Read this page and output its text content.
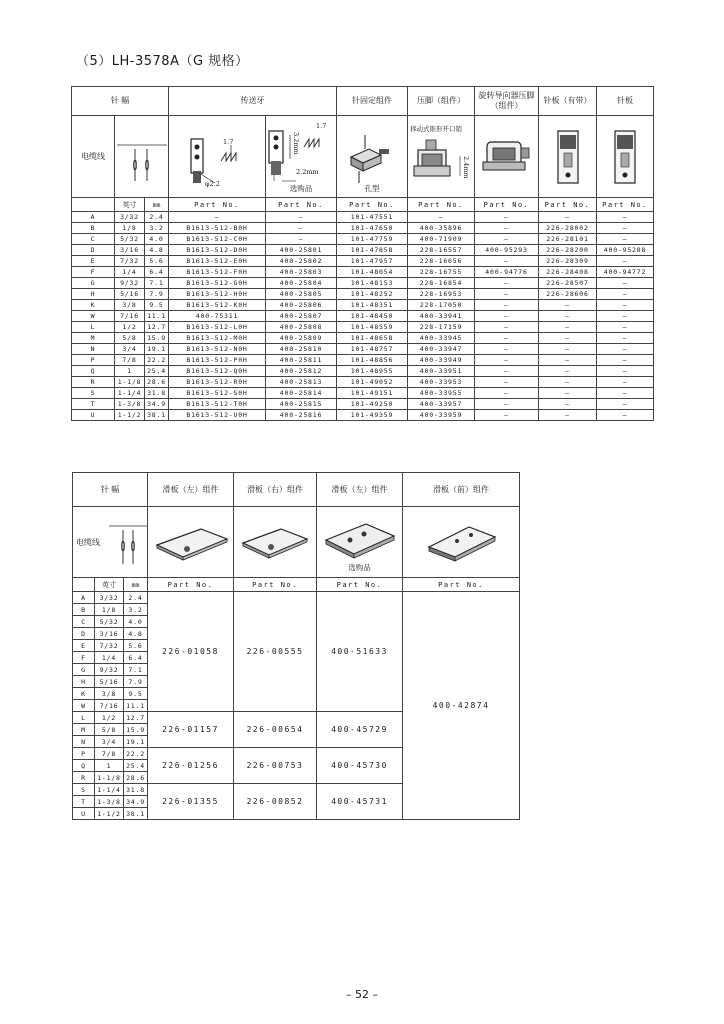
（5）LH-3578A（G 规格）
针 幅			传送牙		针固定组件	压脚（组件）	旋转导向器压脚（组件）	针板（有带）	针板
电缆线			1.7
φ2.2	3.2mm
1.7
2.2mm
选购品	孔型	移动式锥形开口销
2.4mm

	英寸	mm	Part No.	Part No.	Part No.	Part No.	Part No.	Part No.	Part No.
A	3/32	2.4	—	—	101-47551	—	—	—	—
B	1/8	3.2	B1613-512-B0H	—	101-47650	400-35896	—	226-28002	—
C	5/32	4.0	B1613-512-C0H	—	101-47759	400-71909	—	226-28101	—
D	3/16	4.8	B1613-512-D0H	400-25801	101-47858	228-16557	400-95293	226-28200	400-95288
E	7/32	5.6	B1613-512-E0H	400-25802	101-47957	228-16656	—	226-28309	—
F	1/4	6.4	B1613-512-F0H	400-25803	101-48054	228-16755	400-94776	226-28408	400-94772
G	9/32	7.1	B1613-512-G0H	400-25804	101-48153	228-16854	—	226-28507	—
H	5/16	7.9	B1613-512-H0H	400-25805	101-48252	228-16953	—	226-28606	—
K	3/8	9.5	B1613-512-K0H	400-25806	101-48351	228-17050	—	—	—
W	7/16	11.1	400-75311	400-25807	101-48450	400-33941	—	—	—
L	1/2	12.7	B1613-512-L0H	400-25808	101-48559	228-17159	—	—	—
M	5/8	15.9	B1613-512-M0H	400-25809	101-48658	400-33945	—	—	—
N	3/4	19.1	B1613-512-N0H	400-25810	101-48757	400-33947	—	—	—
P	7/8	22.2	B1613-512-P0H	400-25811	101-48856	400-33949	—	—	—
Q	1	25.4	B1613-512-Q0H	400-25812	101-48955	400-33951	—	—	—
R	1-1/8	28.6	B1613-512-R0H	400-25813	101-49052	400-33953	—	—	—
S	1-1/4	31.8	B1613-512-S0H	400-25814	101-49151	400-33955	—	—	—
T	1-3/8	34.9	B1613-512-T0H	400-25815	101-49250	400-33957	—	—	—
U	1-1/2	38.1	B1613-512-U0H	400-25816	101-49359	400-33959	—	—	—
针 幅			滑板（左）组件	滑板（右）组件	滑板（左）组件	滑板（前）组件

电缆线					选购品

	英寸	mm	Part No.	Part No.	Part No.	Part No.
A	3/32	2.4	226-01058	226-00555	400-51633	400-42874
B	1/8	3.2				
C	5/32	4.0				
D	3/16	4.8				
E	7/32	5.6				
F	1/4	6.4				
G	9/32	7.1				
H	5/16	7.9				
K	3/8	9.5				
W	7/16	11.1				
L	1/2	12.7	226-01157	226-00654	400-45729	
M	5/8	15.9				
N	3/4	19.1				
P	7/8	22.2	226-01256	226-00753	400-45730	
Q	1	25.4				
R	1-1/8	28.6				
S	1-1/4	31.8	226-01355	226-00852	400-45731	
T	1-3/8	34.9				
U	1-1/2	38.1				
– 52 –
